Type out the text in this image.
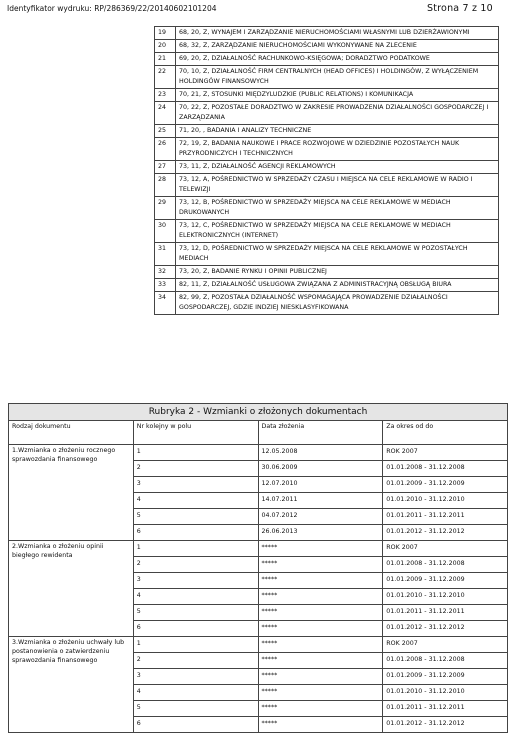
Identyfikator wydruku: RP/286369/22/20140602101204	Strona 7 z 10
19	68, 20, Z, WYNAJEM I ZARZĄDZANIE NIERUCHOMOŚCIAMI WŁASNYMI LUB DZIERŻAWIONYMI
20	68, 32, Z, ZARZĄDZANIE NIERUCHOMOŚCIAMI WYKONYWANE NA ZLECENIE
21	69, 20, Z, DZIAŁALNOŚĆ RACHUNKOWO-KSIĘGOWA; DORADZTWO PODATKOWE
22	70, 10, Z, DZIAŁALNOŚĆ FIRM CENTRALNYCH (HEAD OFFICES) I HOLDINGÓW, Z WYŁĄCZENIEM HOLDINGÓW FINANSOWYCH
23	70, 21, Z, STOSUNKI MIĘDZYLUDZKIE (PUBLIC RELATIONS) I KOMUNIKACJA
24	70, 22, Z, POZOSTAŁE DORADZTWO W ZAKRESIE PROWADZENIA DZIAŁALNOŚCI GOSPODARCZEJ I ZARZĄDZANIA
25	71, 20, , BADANIA I ANALIZY TECHNICZNE
26	72, 19, Z, BADANIA NAUKOWE I PRACE ROZWOJOWE W DZIEDZINIE POZOSTAŁYCH NAUK PRZYRODNICZYCH I TECHNICZNYCH
27	73, 11, Z, DZIAŁALNOŚĆ AGENCJI REKLAMOWYCH
28	73, 12, A, POŚREDNICTWO W SPRZEDAŻY CZASU I MIEJSCA NA CELE REKLAMOWE W RADIO I TELEWIZJI
29	73, 12, B, POŚREDNICTWO W SPRZEDAŻY MIEJSCA NA CELE REKLAMOWE W MEDIACH DRUKOWANYCH
30	73, 12, C, POŚREDNICTWO W SPRZEDAŻY MIEJSCA NA CELE REKLAMOWE W MEDIACH ELEKTRONICZNYCH (INTERNET)
31	73, 12, D, POŚREDNICTWO W SPRZEDAŻY MIEJSCA NA CELE REKLAMOWE W POZOSTAŁYCH MEDIACH
32	73, 20, Z, BADANIE RYNKU I OPINII PUBLICZNEJ
33	82, 11, Z, DZIAŁALNOŚĆ USŁUGOWA ZWIĄZANA Z ADMINISTRACYJNĄ OBSŁUGĄ BIURA
34	82, 99, Z, POZOSTAŁA DZIAŁALNOŚĆ WSPOMAGAJĄCA PROWADZENIE DZIAŁALNOŚCI GOSPODARCZEJ, GDZIE INDZIEJ NIESKLASYFIKOWANA
Rubryka 2 - Wzmianki o złożonych dokumentach			
Rodzaj dokumentu	Nr kolejny w polu	Data złożenia	Za okres od do
1.Wzmianka o złożeniu rocznego sprawozdania finansowego	1	12.05.2008	ROK 2007
	2	30.06.2009	01.01.2008 - 31.12.2008
	3	12.07.2010	01.01.2009 - 31.12.2009
	4	14.07.2011	01.01.2010 - 31.12.2010
	5	04.07.2012	01.01.2011 - 31.12.2011
	6	26.06.2013	01.01.2012 - 31.12.2012
2.Wzmianka o złożeniu opinii biegłego rewidenta	1	*****	ROK 2007
	2	*****	01.01.2008 - 31.12.2008
	3	*****	01.01.2009 - 31.12.2009
	4	*****	01.01.2010 - 31.12.2010
	5	*****	01.01.2011 - 31.12.2011
	6	*****	01.01.2012 - 31.12.2012
3.Wzmianka o złożeniu uchwały lub postanowienia o zatwierdzeniu sprawozdania finansowego	1	*****	ROK 2007
	2	*****	01.01.2008 - 31.12.2008
	3	*****	01.01.2009 - 31.12.2009
	4	*****	01.01.2010 - 31.12.2010
	5	*****	01.01.2011 - 31.12.2011
	6	*****	01.01.2012 - 31.12.2012
